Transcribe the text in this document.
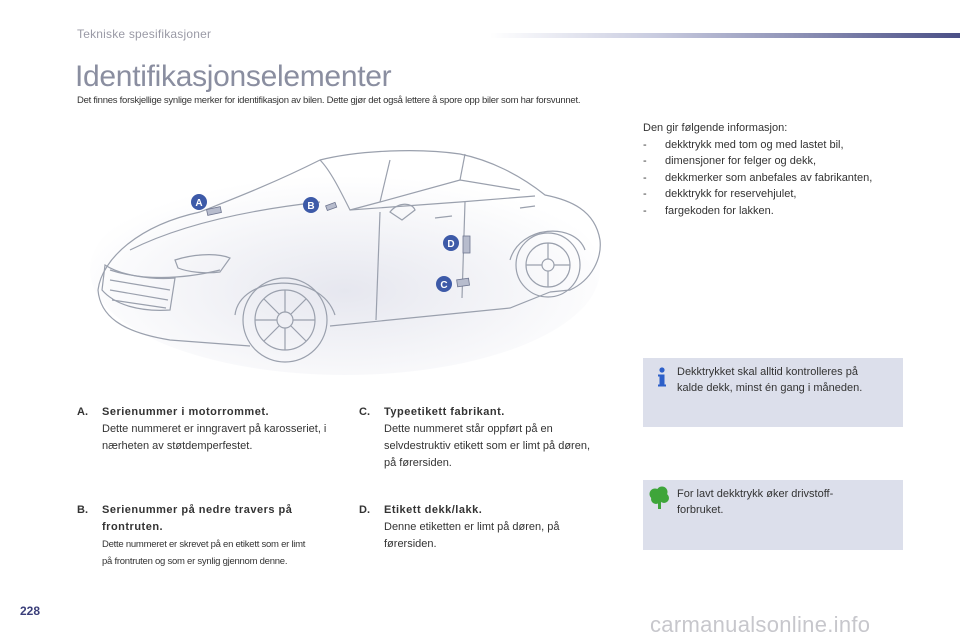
Tekniske spesifikasjoner
Identifikasjonselementer
Det finnes forskjellige synlige merker for identifikasjon av bilen. Dette gjør det også lettere å spore opp biler som har forsvunnet.
A	B
D
C
Den gir følgende informasjon:
-	dekktrykk med tom og med lastet bil,
-	dimensjoner for felger og dekk,
-	dekkmerker som anbefales av fabrikanten,
-	dekktrykk for reservehjulet,
-	fargekoden for lakken.
Dekktrykket skal alltid kontrolleres på
kalde dekk, minst én gang i måneden.
For lavt dekktrykk øker drivstoff-
forbruket.
A. Serienummer i motorrommet.
Dette nummeret er inngravert på karosseriet, i
nærheten av støtdemperfestet.
B. Serienummer på nedre travers på
frontruten.
Dette nummeret er skrevet på en etikett som er limt
på frontruten og som er synlig gjennom denne.
C. Typeetikett fabrikant.
Dette nummeret står oppført på en
selvdestruktiv etikett som er limt på døren,
på førersiden.
D. Etikett dekk/lakk.
Denne etiketten er limt på døren, på
førersiden.
228
carmanualsonline.info
